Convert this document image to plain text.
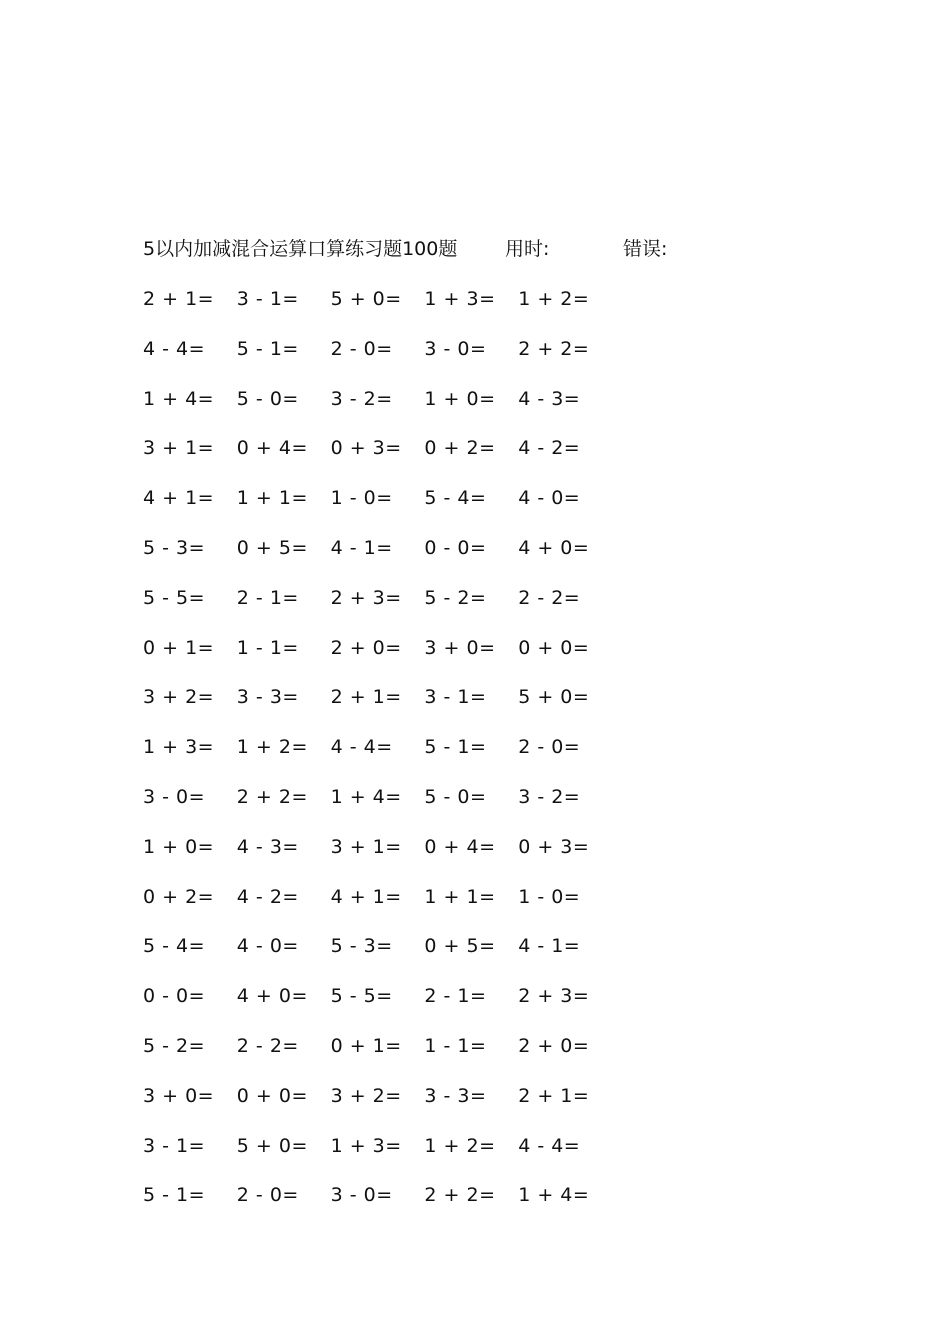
5以内加减混合运算口算练习题100题	用时:	错误:
2 + 1=	3 - 1=	5 + 0=	1 + 3=	1 + 2=
4 - 4=	5 - 1=	2 - 0=	3 - 0=	2 + 2=
1 + 4=	5 - 0=	3 - 2=	1 + 0=	4 - 3=
3 + 1=	0 + 4=	0 + 3=	0 + 2=	4 - 2=
4 + 1=	1 + 1=	1 - 0=	5 - 4=	4 - 0=
5 - 3=	0 + 5=	4 - 1=	0 - 0=	4 + 0=
5 - 5=	2 - 1=	2 + 3=	5 - 2=	2 - 2=
0 + 1=	1 - 1=	2 + 0=	3 + 0=	0 + 0=
3 + 2=	3 - 3=	2 + 1=	3 - 1=	5 + 0=
1 + 3=	1 + 2=	4 - 4=	5 - 1=	2 - 0=
3 - 0=	2 + 2=	1 + 4=	5 - 0=	3 - 2=
1 + 0=	4 - 3=	3 + 1=	0 + 4=	0 + 3=
0 + 2=	4 - 2=	4 + 1=	1 + 1=	1 - 0=
5 - 4=	4 - 0=	5 - 3=	0 + 5=	4 - 1=
0 - 0=	4 + 0=	5 - 5=	2 - 1=	2 + 3=
5 - 2=	2 - 2=	0 + 1=	1 - 1=	2 + 0=
3 + 0=	0 + 0=	3 + 2=	3 - 3=	2 + 1=
3 - 1=	5 + 0=	1 + 3=	1 + 2=	4 - 4=
5 - 1=	2 - 0=	3 - 0=	2 + 2=	1 + 4=
